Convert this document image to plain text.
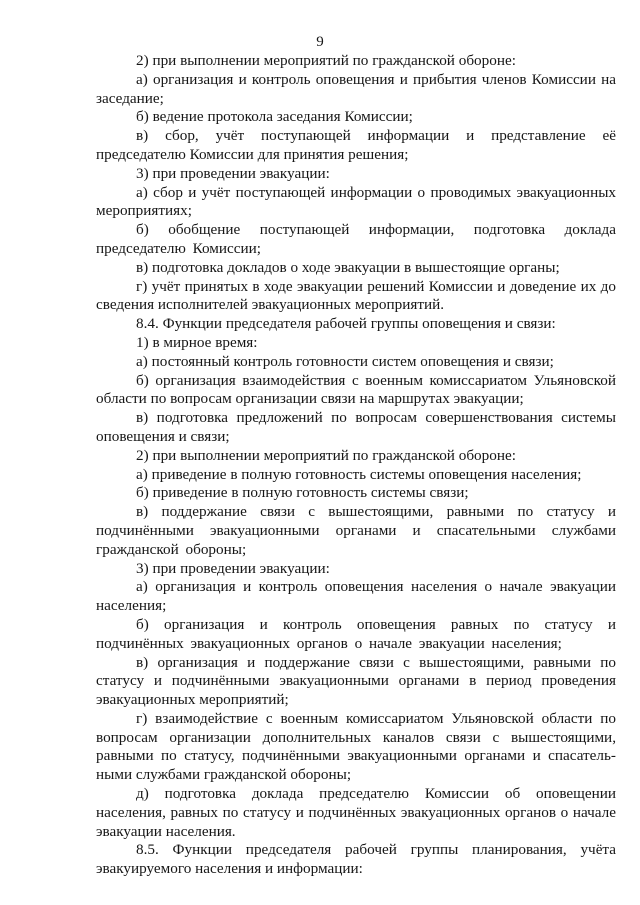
9

2) при выполнении мероприятий по гражданской обороне:

а) организация и контроль оповещения и прибытия членов Комиссии на заседание;

б) ведение протокола заседания Комиссии;

в) сбор, учёт поступающей информации и представление её председателю Комиссии для принятия решения;

3) при проведении эвакуации:

а) сбор и учёт поступающей информации о проводимых эвакуационных мероприятиях;

б) обобщение поступающей информации, подготовка доклада председателю Комиссии;

в) подготовка докладов о ходе эвакуации в вышестоящие органы;

г) учёт принятых в ходе эвакуации решений Комиссии и доведение их до сведения исполнителей эвакуационных мероприятий.

8.4. Функции председателя рабочей группы оповещения и связи:

1) в мирное время:

а) постоянный контроль готовности систем оповещения и связи;

б) организация взаимодействия с военным комиссариатом Ульяновской области по вопросам организации связи на маршрутах эвакуации;

в) подготовка предложений по вопросам совершенствования системы оповещения и связи;

2) при выполнении мероприятий по гражданской обороне:

а) приведение в полную готовность системы оповещения населения;

б) приведение в полную готовность системы связи;

в) поддержание связи с вышестоящими, равными по статусу и подчинёнными эвакуационными органами и спасательными службами гражданской обороны;

3) при проведении эвакуации:

а) организация и контроль оповещения населения о начале эвакуации населения;

б) организация и контроль оповещения равных по статусу и подчинённых эвакуационных органов о начале эвакуации населения;

в) организация и поддержание связи с вышестоящими, равными по статусу и подчинёнными эвакуационными органами в период проведения эвакуационных мероприятий;

г) взаимодействие с военным комиссариатом Ульяновской области по вопросам организации дополнительных каналов связи с вышестоящими, равными по статусу, подчинёнными эвакуационными органами и спасатель-ными службами гражданской обороны;

д) подготовка доклада председателю Комиссии об оповещении населения, равных по статусу и подчинённых эвакуационных органов о начале эвакуации населения.

8.5. Функции председателя рабочей группы планирования, учёта эвакуируемого населения и информации:
